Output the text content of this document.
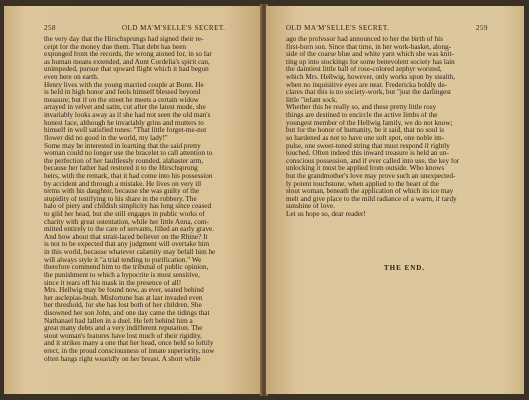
258	OLD MA'M'SELLE'S SECRET.
the very day that the Hirschsprungs had signed their re-
ceipt for the money due them. That debt has been
expunged from the records, the wrong atoned for, in so far
as human means extended, and Aunt Cordelia's spirit can,
unimpeded, pursue that upward flight which it had begun
even here on earth.
Henry lives with the young married couple at Bonn. He
is held in high honor and feels himself blessed beyond
measure; but if on the street he meets a certain widow
arrayed in velvet and satin, cut after the latest mode, she
invariably looks away as if she had not seen the old man's
honest face, although he invariably grins and mutters to
himself in well satisfied tones: "That little forget-me-not
flower did no good in the world, my lady!"
Some may be interested in learning that the said pretty
woman could no longer use the bracelet to call attention to
the perfection of her faultlessly rounded, alabaster arm,
because her father had restored it to the Hirschsprung
heirs, with the remark, that it had come into his possession
by accident and through a mistake. He lives on very ill
terms with his daughter, because she was guilty of the
stupidity of testifying to his share in the robbery. The
halo of piety and childish simplicity has long since ceased
to gild her head, but she still engages in public works of
charity with great ostentation, while her little Anna, com-
mitted entirely to the care of servants, filled an early grave.
And how about that strait-laced believer on the Rhine? It
is not to be expected that any judgment will overtake him
in this world, because whatever calamity may befall him he
will always style it "a trial tending to purification." We
therefore commend him to the tribunal of public opinion,
the punishment to which a hypocrite is most sensitive,
since it tears off his mask in the presence of all!
Mrs. Hellwig may be found now, as ever, seated behind
her asclepias-bush. Misfortune has at last invaded even
her threshold, for she has lost both of her children. She
disowned her son John, and one day came the tidings that
Nathanael had fallen in a duel. He left behind him a
great many debts and a very indifferent reputation. The
stout woman's features have lost much of their rigidity,
and it strikes many a one that her head, once held so loftily
erect, in the proud consciousness of innate superiority, now
often hangs right wearidly on her breast. A short while
OLD MA'M'SELLE'S SECRET.	259
ago the professor had announced to her the birth of his
first-born son. Since that time, in her work-basket, along-
side of the coarse blue and white yarn which she was knit-
ting up into stockings for some benevolent society has lain
the daintiest little ball of rose-colored zephyr worsted,
which Mrs. Hellwig, however, only works upon by stealth,
when no inquisitive eyes are near. Fredericka boldly de-
clares that this is no society-work, but "just the darlingest
little "infant sock.
Whether this be really so, and these pretty little rosy
things are destined to encircle the active limbs of the
youngest member of the Hellwig family, we do not know;
but for the honor of humanity, be it said, that no soul is
so hardened as not to have one soft spot, one noble im-
pulse, one sweet-toned string that must respond if rightly
touched. Often indeed this inward treasure is held an un-
conscious possession, and if ever called into use, the key for
unlocking it must be applied from outside. Who knows
but the grandmother's love may prove such an unexpected-
ly potent touchstone, when applied to the heart of the
stout woman, beneath the application of which its ice may
melt and give place to the mild radiance of a warm, if tardy
sunshine of love.
Let us hope so, dear reader!
THE END.
